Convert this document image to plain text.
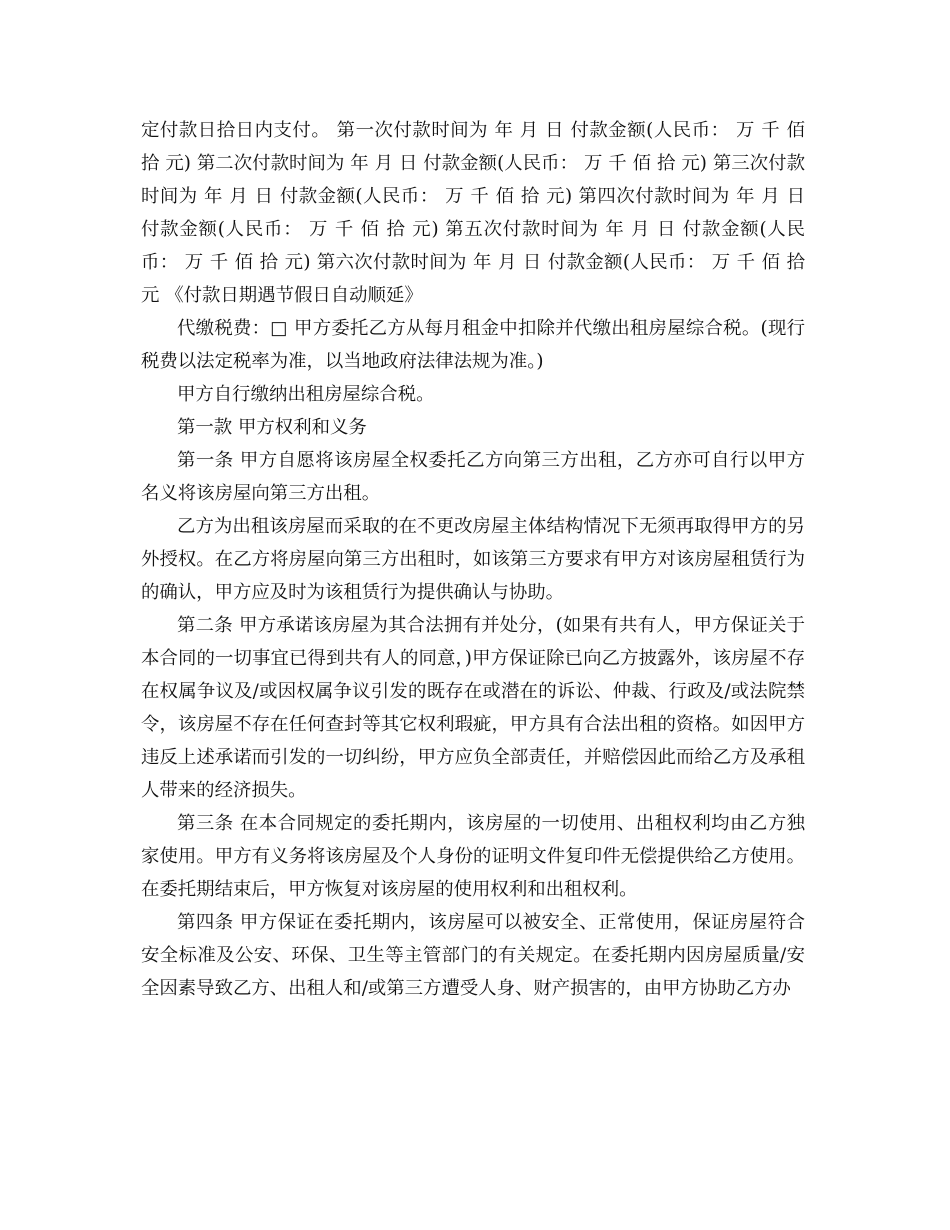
定付款日拾日内支付。 第一次付款时间为 年 月 日 付款金额(人民币： 万 千 佰 拾 元) 第二次付款时间为 年 月 日 付款金额(人民币： 万 千 佰 拾 元) 第三次付款时间为 年 月 日 付款金额(人民币： 万 千 佰 拾 元) 第四次付款时间为 年 月 日 付款金额(人民币： 万 千 佰 拾 元) 第五次付款时间为 年 月 日 付款金额(人民币： 万 千 佰 拾 元) 第六次付款时间为 年 月 日 付款金额(人民币： 万 千 佰 拾 元 《付款日期遇节假日自动顺延》

代缴税费：□ 甲方委托乙方从每月租金中扣除并代缴出租房屋综合税。(现行税费以法定税率为准，以当地政府法律法规为准。)

甲方自行缴纳出租房屋综合税。

第一款 甲方权利和义务

第一条 甲方自愿将该房屋全权委托乙方向第三方出租，乙方亦可自行以甲方名义将该房屋向第三方出租。

乙方为出租该房屋而采取的在不更改房屋主体结构情况下无须再取得甲方的另外授权。在乙方将房屋向第三方出租时，如该第三方要求有甲方对该房屋租赁行为的确认，甲方应及时为该租赁行为提供确认与协助。

第二条 甲方承诺该房屋为其合法拥有并处分，(如果有共有人，甲方保证关于本合同的一切事宜已得到共有人的同意，)甲方保证除已向乙方披露外，该房屋不存在权属争议及/或因权属争议引发的既存在或潜在的诉讼、仲裁、行政及/或法院禁令，该房屋不存在任何查封等其它权利瑕疵，甲方具有合法出租的资格。如因甲方违反上述承诺而引发的一切纠纷，甲方应负全部责任，并赔偿因此而给乙方及承租人带来的经济损失。

第三条 在本合同规定的委托期内，该房屋的一切使用、出租权利均由乙方独家使用。甲方有义务将该房屋及个人身份的证明文件复印件无偿提供给乙方使用。在委托期结束后，甲方恢复对该房屋的使用权利和出租权利。

第四条 甲方保证在委托期内，该房屋可以被安全、正常使用，保证房屋符合安全标准及公安、环保、卫生等主管部门的有关规定。在委托期内因房屋质量/安全因素导致乙方、出租人和/或第三方遭受人身、财产损害的，由甲方协助乙方办
